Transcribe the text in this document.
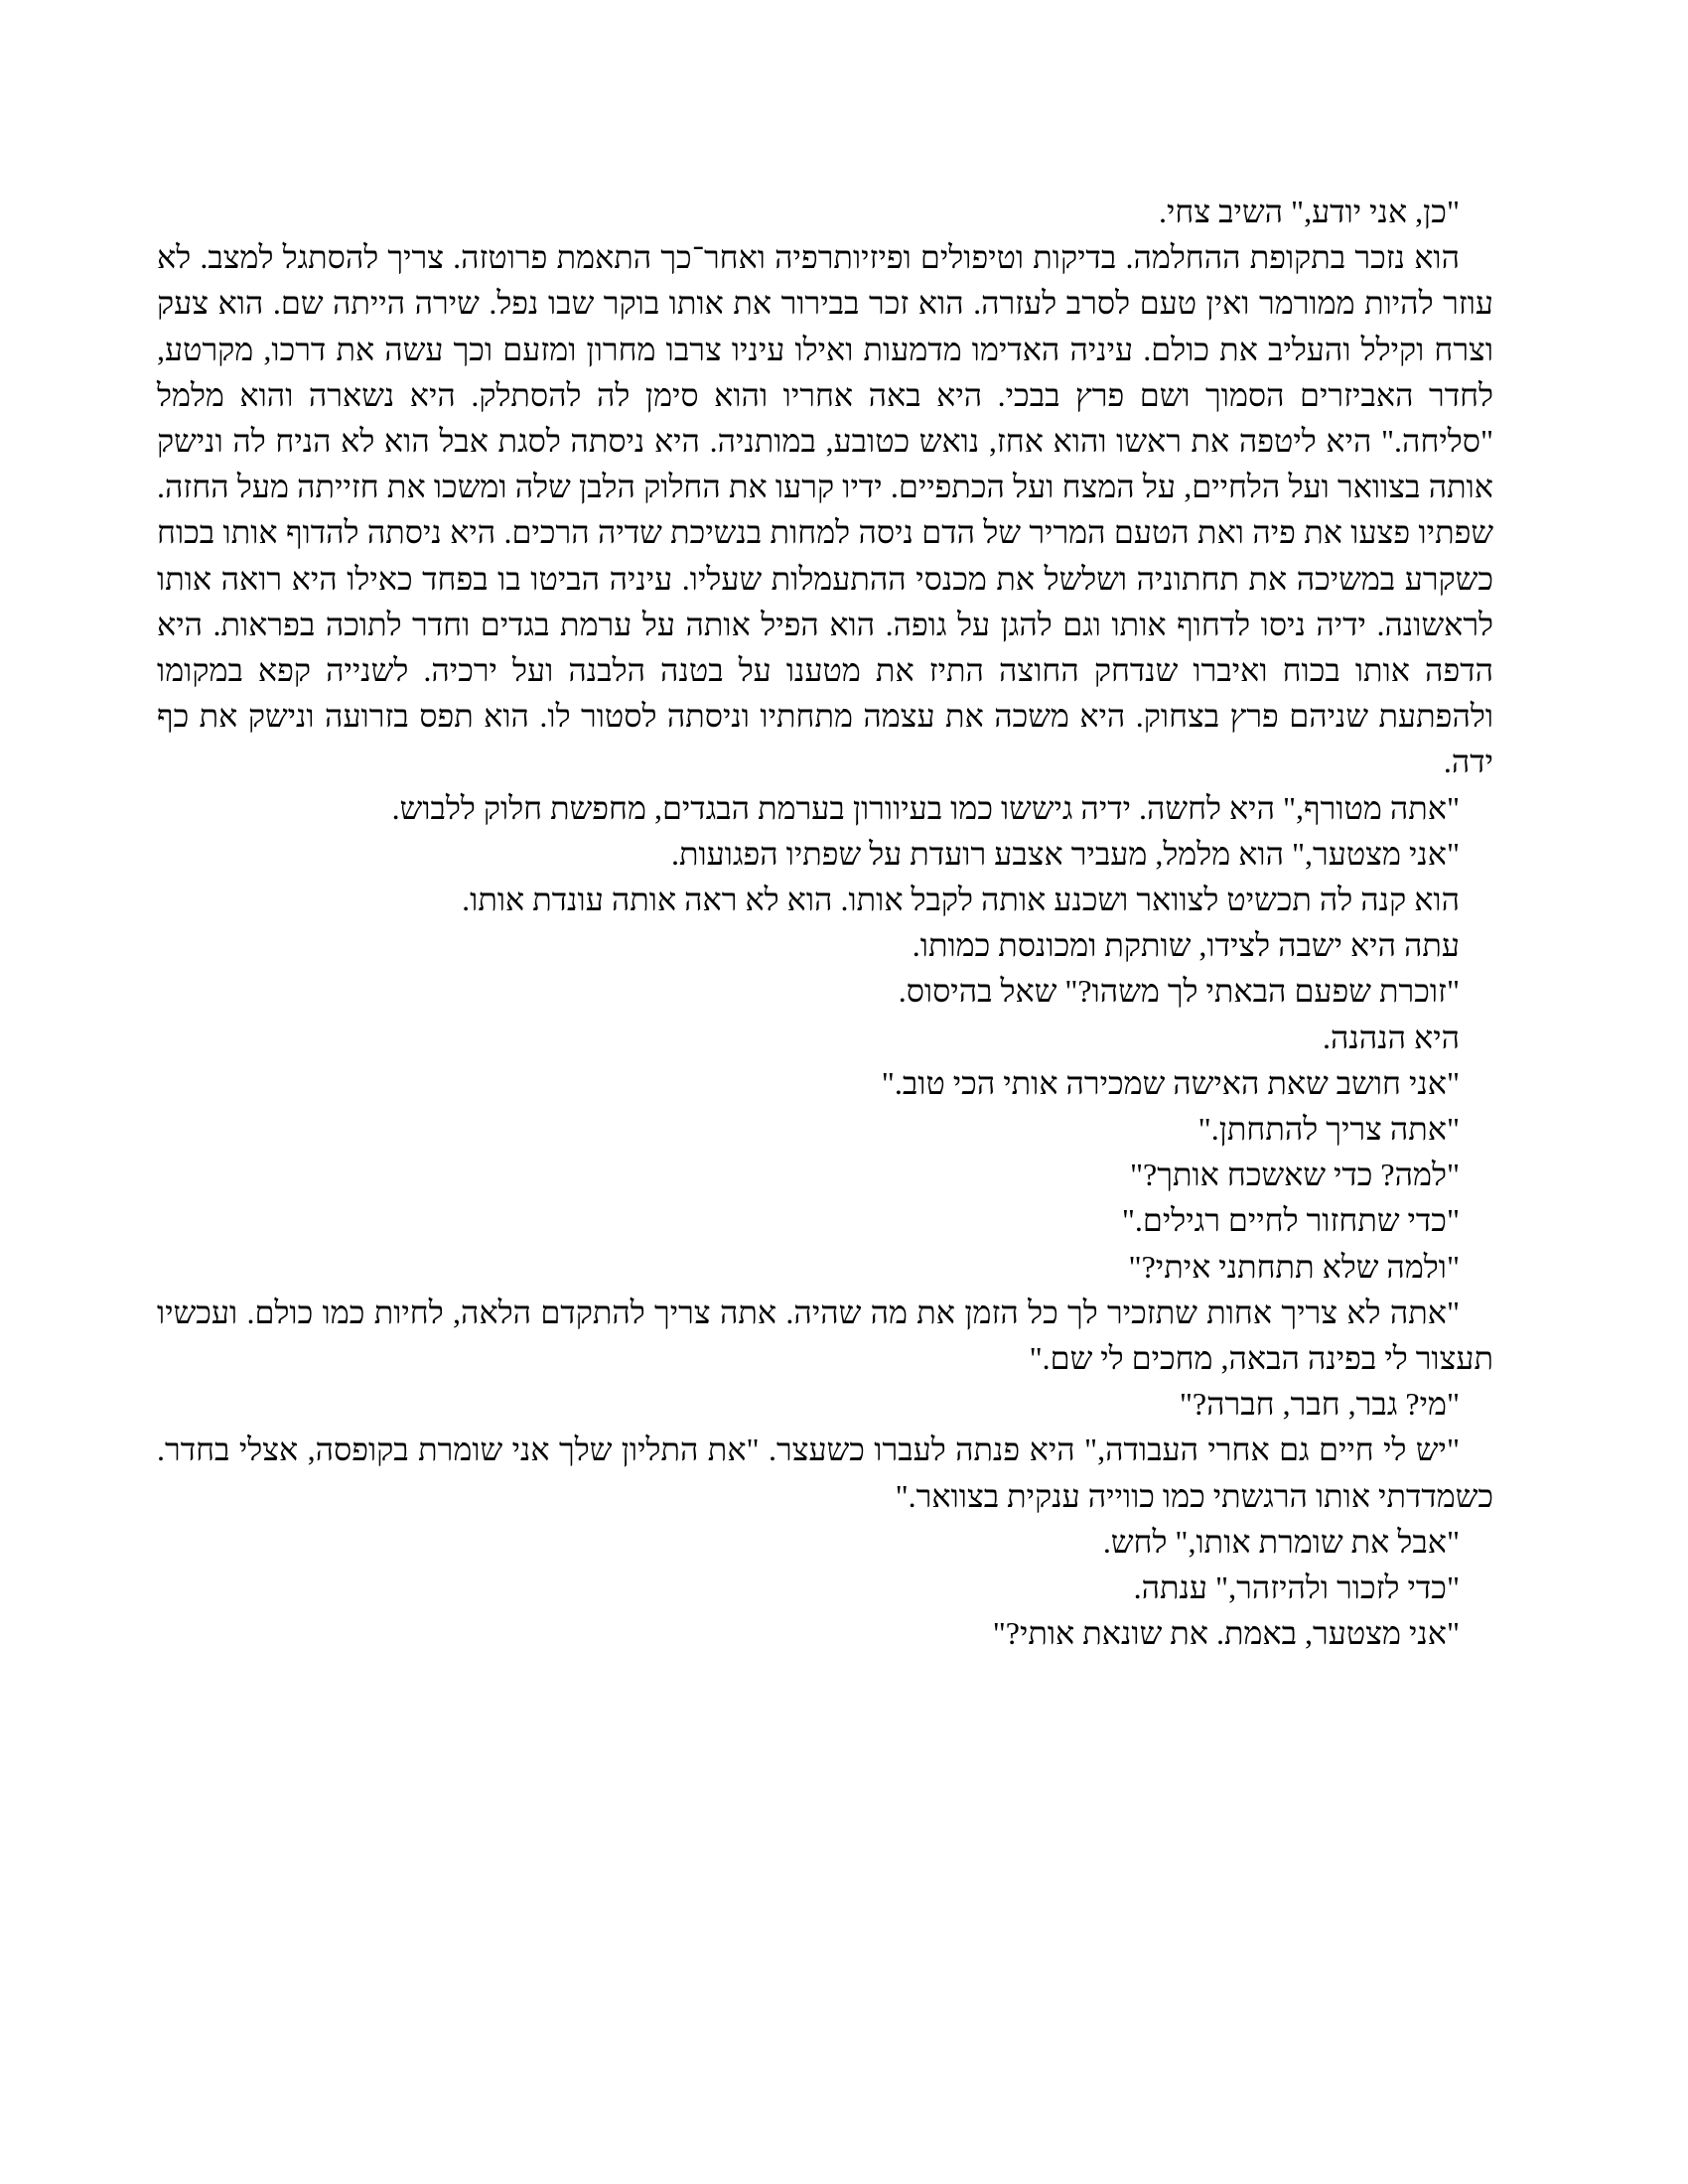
"כן, אני יודע," השיב צחי.

הוא נזכר בתקופת ההחלמה. בדיקות וטיפולים ופיזיותרפיה ואחר־כך התאמת פרוטזה. צריך להסתגל למצב. לא עוזר להיות ממורמר ואין טעם לסרב לעזרה. הוא זכר בבירור את אותו בוקר שבו נפל. שירה הייתה שם. הוא צעק וצרח וקילל והעליב את כולם. עיניה האדימו מדמעות ואילו עיניו צרבו מחרון ומזעם וכך עשה את דרכו, מקרטע, לחדר האביזרים הסמוך ושם פרץ בבכי. היא באה אחריו והוא סימן לה להסתלק. היא נשארה והוא מלמל "סליחה." היא ליטפה את ראשו והוא אחז, נואש כטובע, במותניה. היא ניסתה לסגת אבל הוא לא הניח לה ונישק אותה בצוואר ועל הלחיים, על המצח ועל הכתפיים. ידיו קרעו את החלוק הלבן שלה ומשכו את חזייתה מעל החזה. שפתיו פצעו את פיה ואת הטעם המריר של הדם ניסה למחות בנשיכת שדיה הרכים. היא ניסתה להדוף אותו בכוח כשקרע במשיכה את תחתוניה ושלשל את מכנסי ההתעמלות שעליו. עיניה הביטו בו בפחד כאילו היא רואה אותו לראשונה. ידיה ניסו לדחוף אותו וגם להגן על גופה. הוא הפיל אותה על ערמת בגדים וחדר לתוכה בפראות. היא הדפה אותו בכוח ואיברו שנדחק החוצה התיז את מטענו על בטנה הלבנה ועל ירכיה. לשנייה קפא במקומו ולהפתעת שניהם פרץ בצחוק. היא משכה את עצמה מתחתיו וניסתה לסטור לו. הוא תפס בזרועה ונישק את כף ידה.

"אתה מטורף," היא לחשה. ידיה גיששו כמו בעיוורון בערמת הבגדים, מחפשת חלוק ללבוש.

"אני מצטער," הוא מלמל, מעביר אצבע רועדת על שפתיו הפגועות.

הוא קנה לה תכשיט לצוואר ושכנע אותה לקבל אותו. הוא לא ראה אותה עונדת אותו.

עתה היא ישבה לצידו, שותקת ומכונסת כמותו.

"זוכרת שפעם הבאתי לך משהו?" שאל בהיסוס.

היא הנהנה.

"אני חושב שאת האישה שמכירה אותי הכי טוב."

"אתה צריך להתחתן."

"למה? כדי שאשכח אותך?"

"כדי שתחזור לחיים רגילים."

"ולמה שלא תתחתני איתי?"

"אתה לא צריך אחות שתזכיר לך כל הזמן את מה שהיה. אתה צריך להתקדם הלאה, לחיות כמו כולם. ועכשיו תעצור לי בפינה הבאה, מחכים לי שם."

"מי? גבר, חבר, חברה?"

"יש לי חיים גם אחרי העבודה," היא פנתה לעברו כשעצר. "את התליון שלך אני שומרת בקופסה, אצלי בחדר. כשמדדתי אותו הרגשתי כמו כווייה ענקית בצוואר."

"אבל את שומרת אותו," לחש.

"כדי לזכור ולהיזהר," ענתה.

"אני מצטער, באמת. את שונאת אותי?"
